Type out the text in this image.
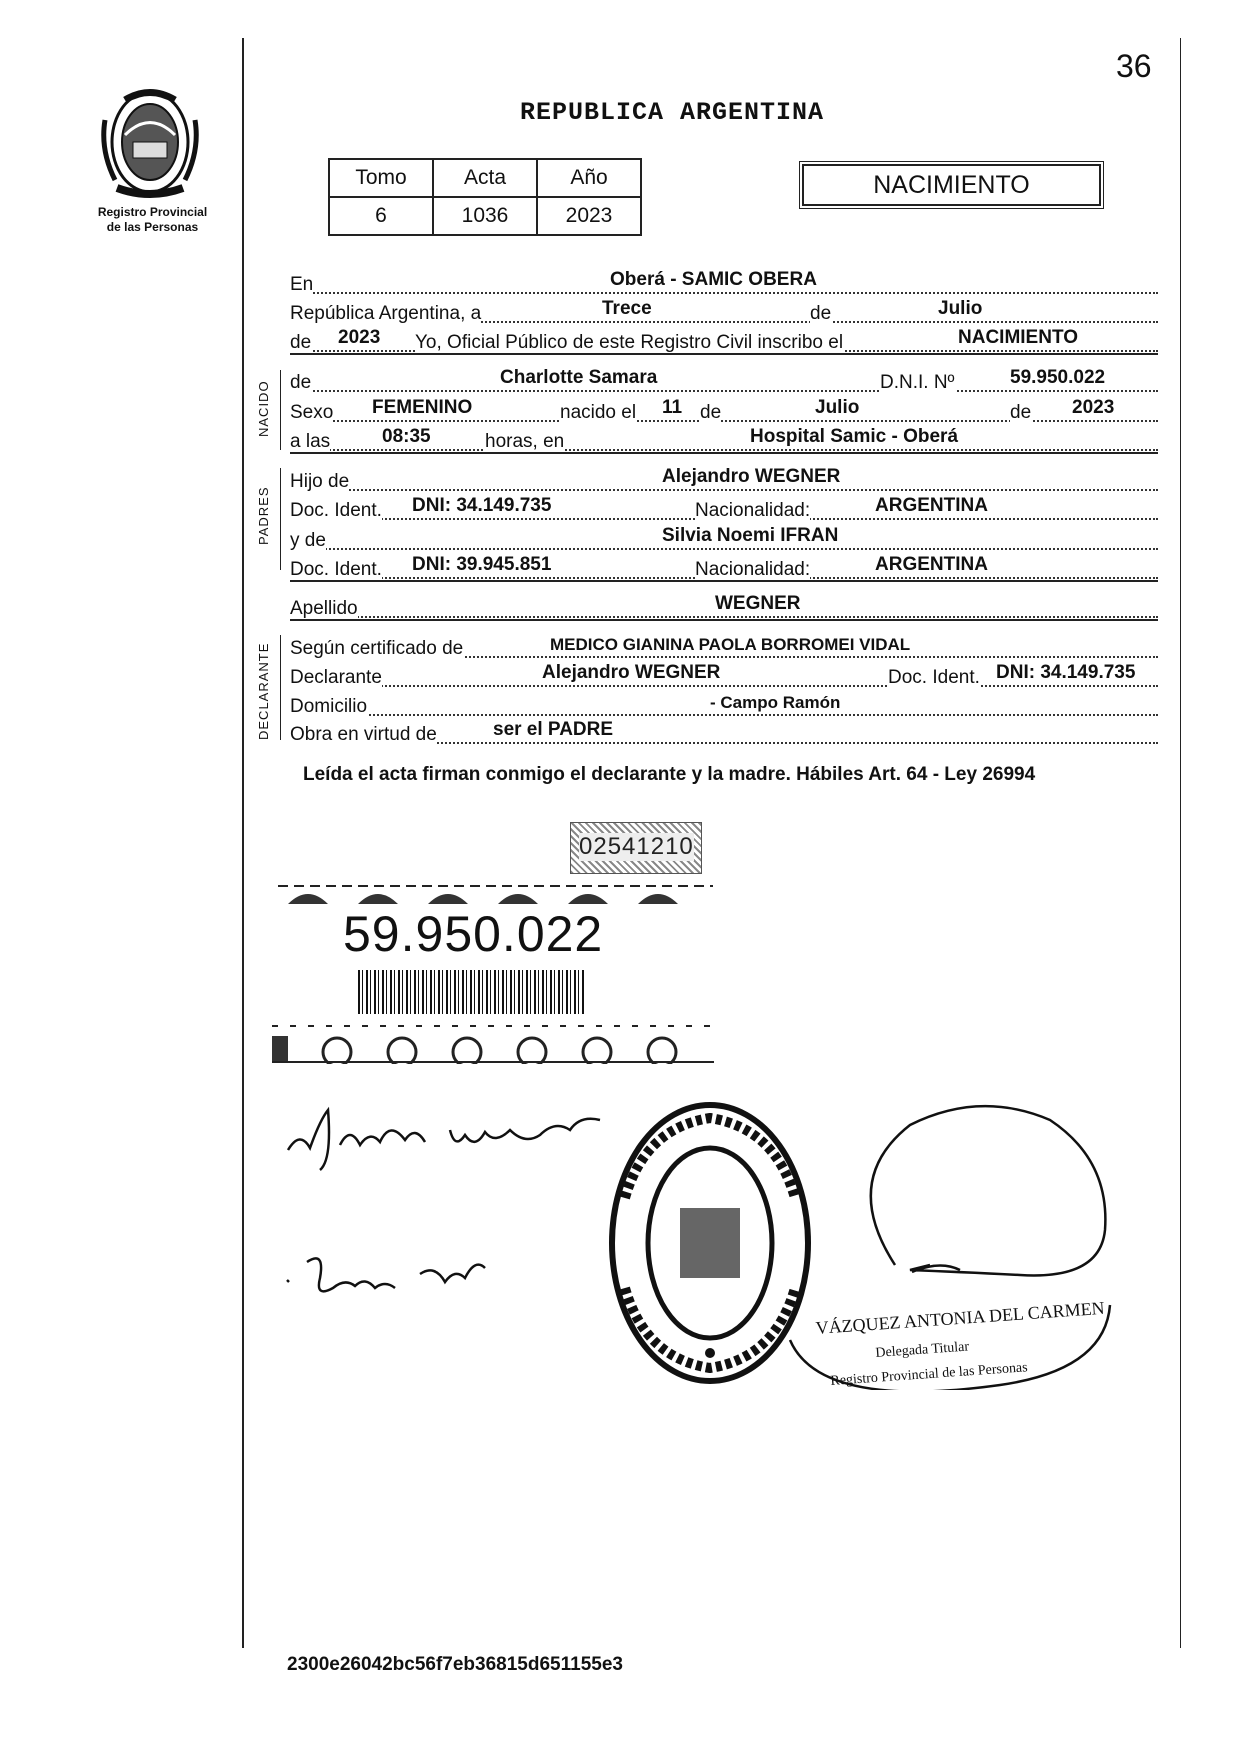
36
Registro Provincial
de las Personas
REPUBLICA ARGENTINA
Tomo	Acta	Año
6	1036	2023
NACIMIENTO
NACIDO
PADRES
DECLARANTE
En	Oberá - SAMIC OBERA
República Argentina, a	Trece	de	Julio
de 2023 Yo, Oficial Público de este Registro Civil inscribo el	NACIMIENTO
de	Charlotte Samara	D.N.I. Nº	59.950.022
Sexo FEMENINO	nacido el 11 de	Julio	de 2023
a las	08:35	horas, en	Hospital Samic - Oberá
Hijo de	Alejandro WEGNER
Doc. Ident. DNI: 34.149.735	Nacionalidad:	ARGENTINA
y de	Silvia Noemi IFRAN
Doc. Ident. DNI: 39.945.851	Nacionalidad:	ARGENTINA
Apellido	WEGNER
Según certificado de	MEDICO GIANINA PAOLA BORROMEI VIDAL
Declarante	Alejandro WEGNER	Doc. Ident. DNI: 34.149.735
Domicilio	- Campo Ramón
Obra en virtud de	ser el PADRE
Leída el acta firman conmigo el declarante y la madre. Hábiles Art. 64 - Ley 26994
02541210
59.950.022
VÁZQUEZ ANTONIA DEL CARMEN
Delegada Titular
Registro Provincial de las Personas
2300e26042bc56f7eb36815d651155e3
